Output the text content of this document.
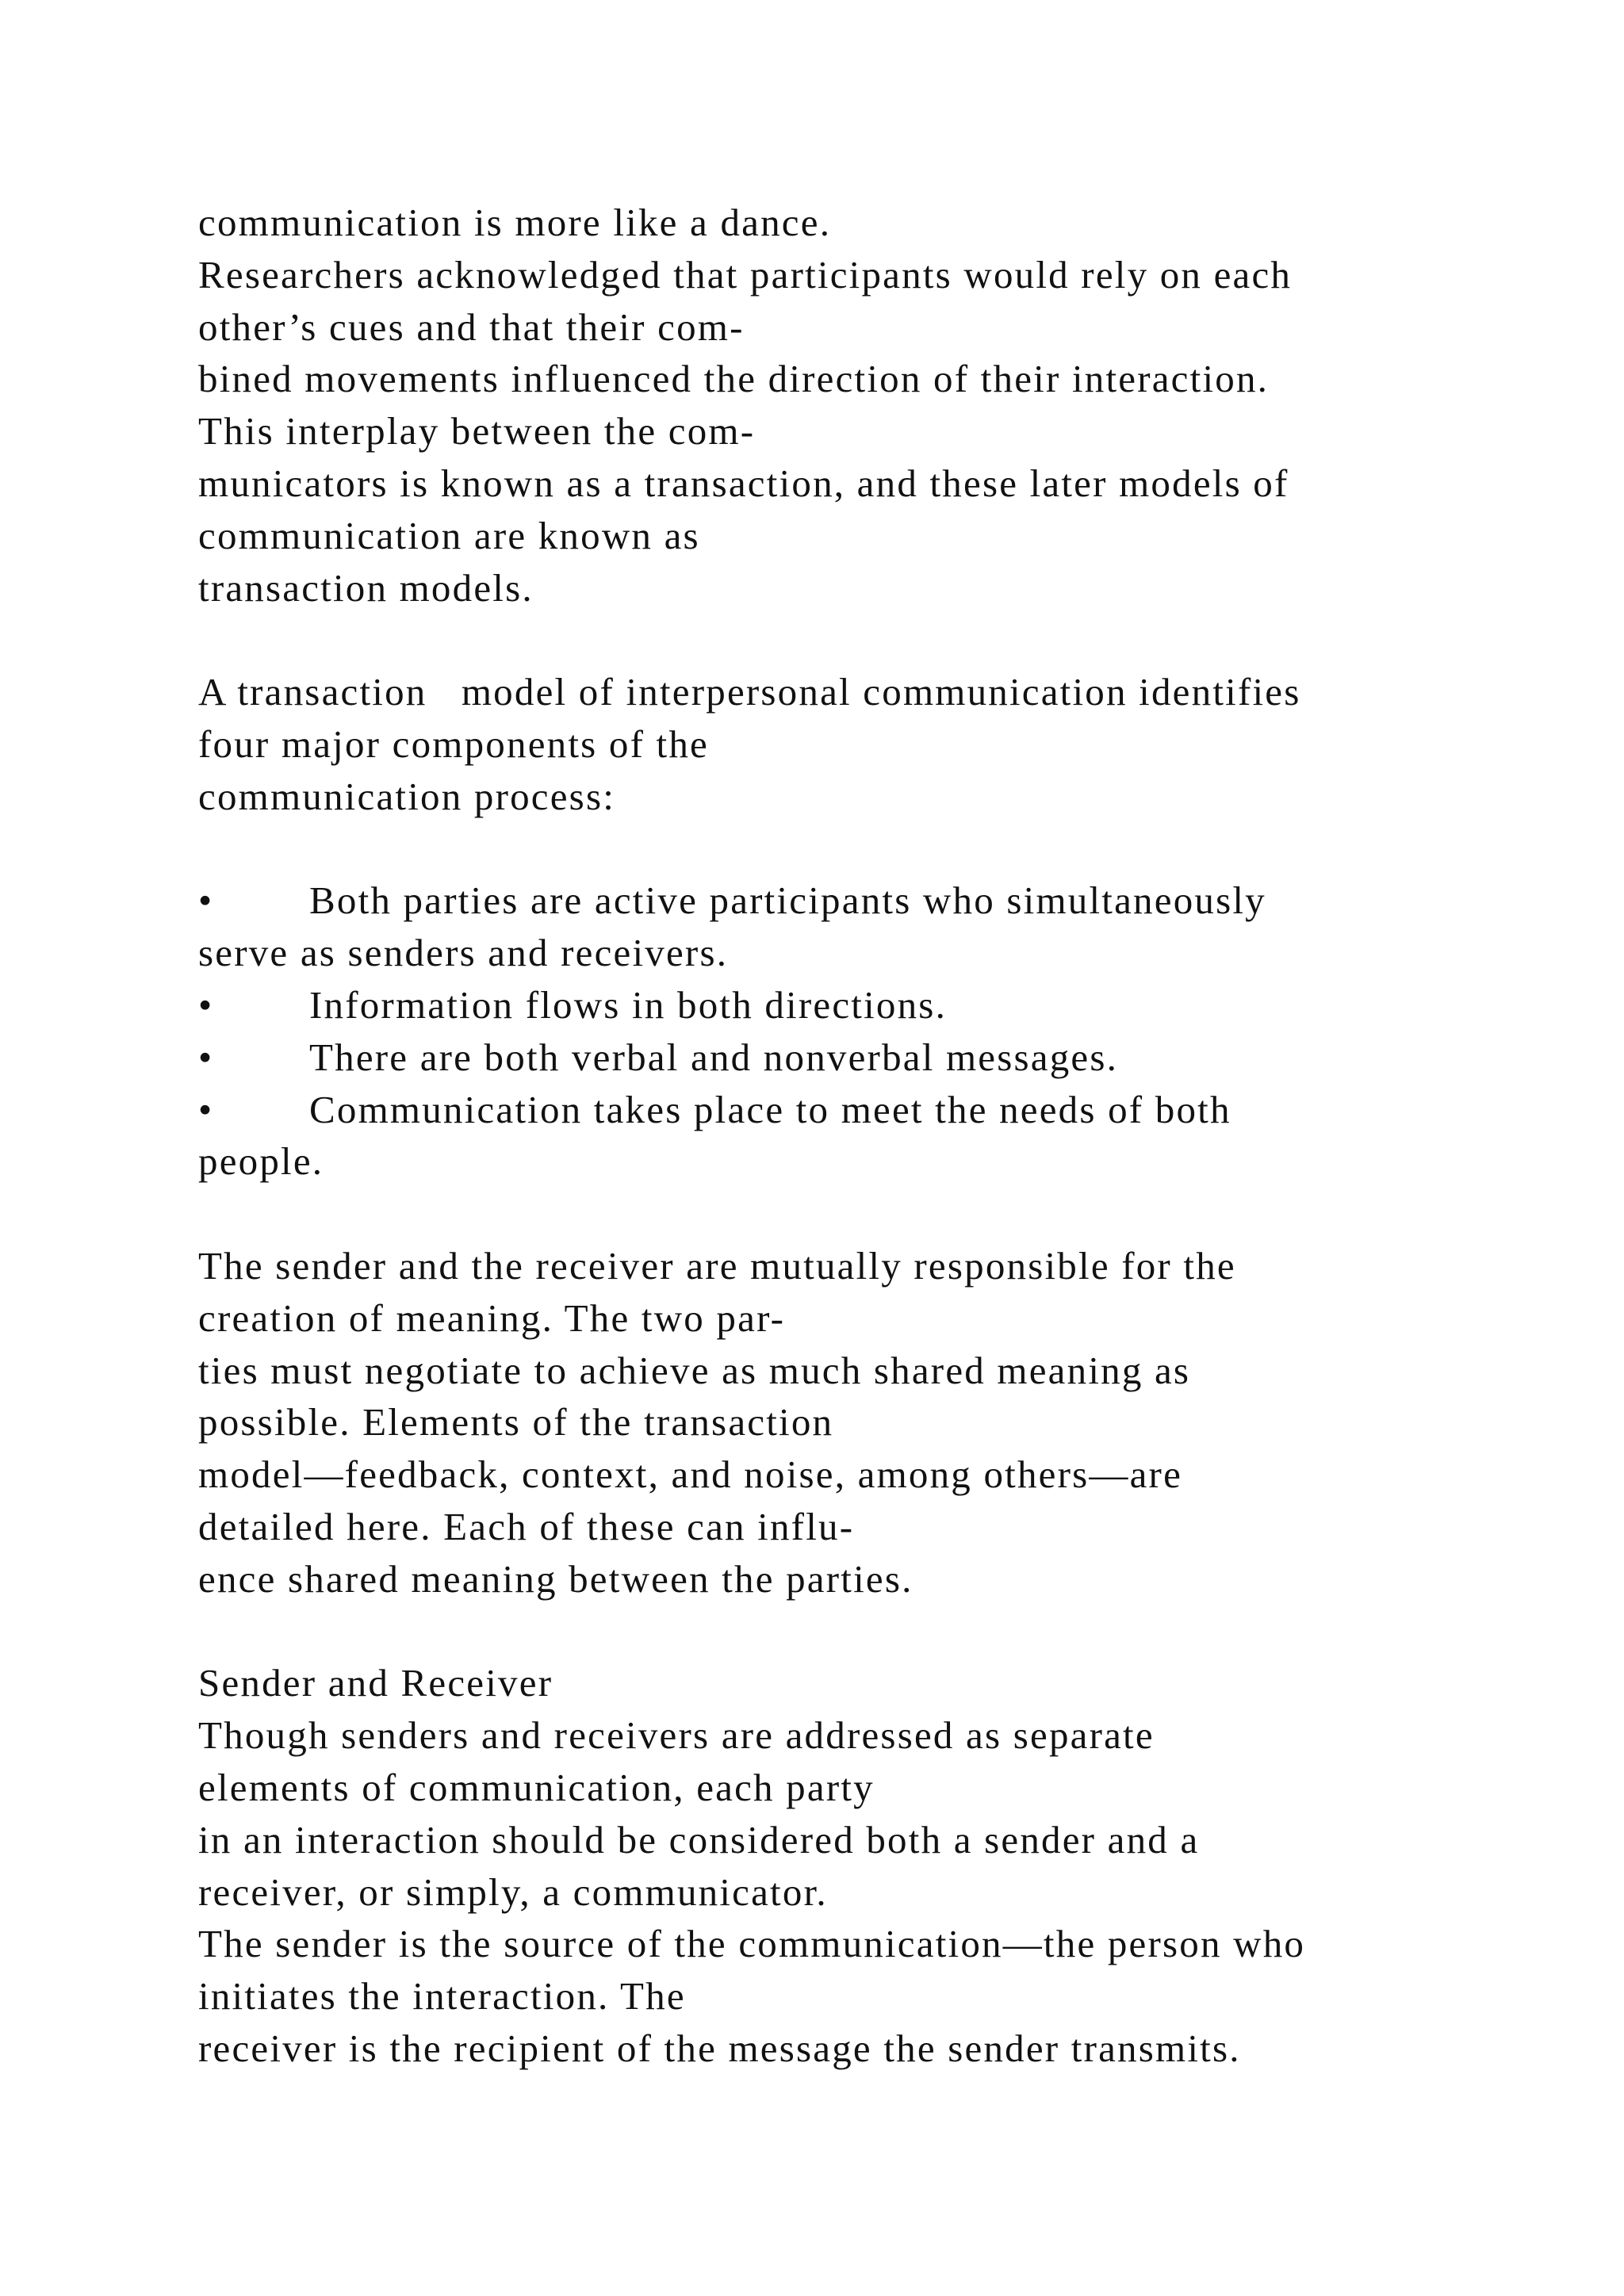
communication is more like a dance.
Researchers acknowledged that participants would rely on each
other’s cues and that their com-
bined movements influenced the direction of their interaction.
This interplay between the com-
municators is known as a transaction, and these later models of
communication are known as
transaction models.
A transaction   model of interpersonal communication identifies
four major components of the
communication process:
• Both parties are active participants who simultaneously
serve as senders and receivers.
• Information flows in both directions.
• There are both verbal and nonverbal messages.
• Communication takes place to meet the needs of both
people.
The sender and the receiver are mutually responsible for the
creation of meaning. The two par-
ties must negotiate to achieve as much shared meaning as
possible. Elements of the transaction
model—feedback, context, and noise, among others—are
detailed here. Each of these can influ-
ence shared meaning between the parties.
Sender and Receiver
Though senders and receivers are addressed as separate
elements of communication, each party
in an interaction should be considered both a sender and a
receiver, or simply, a communicator.
The sender is the source of the communication—the person who
initiates the interaction. The
receiver is the recipient of the message the sender transmits.
